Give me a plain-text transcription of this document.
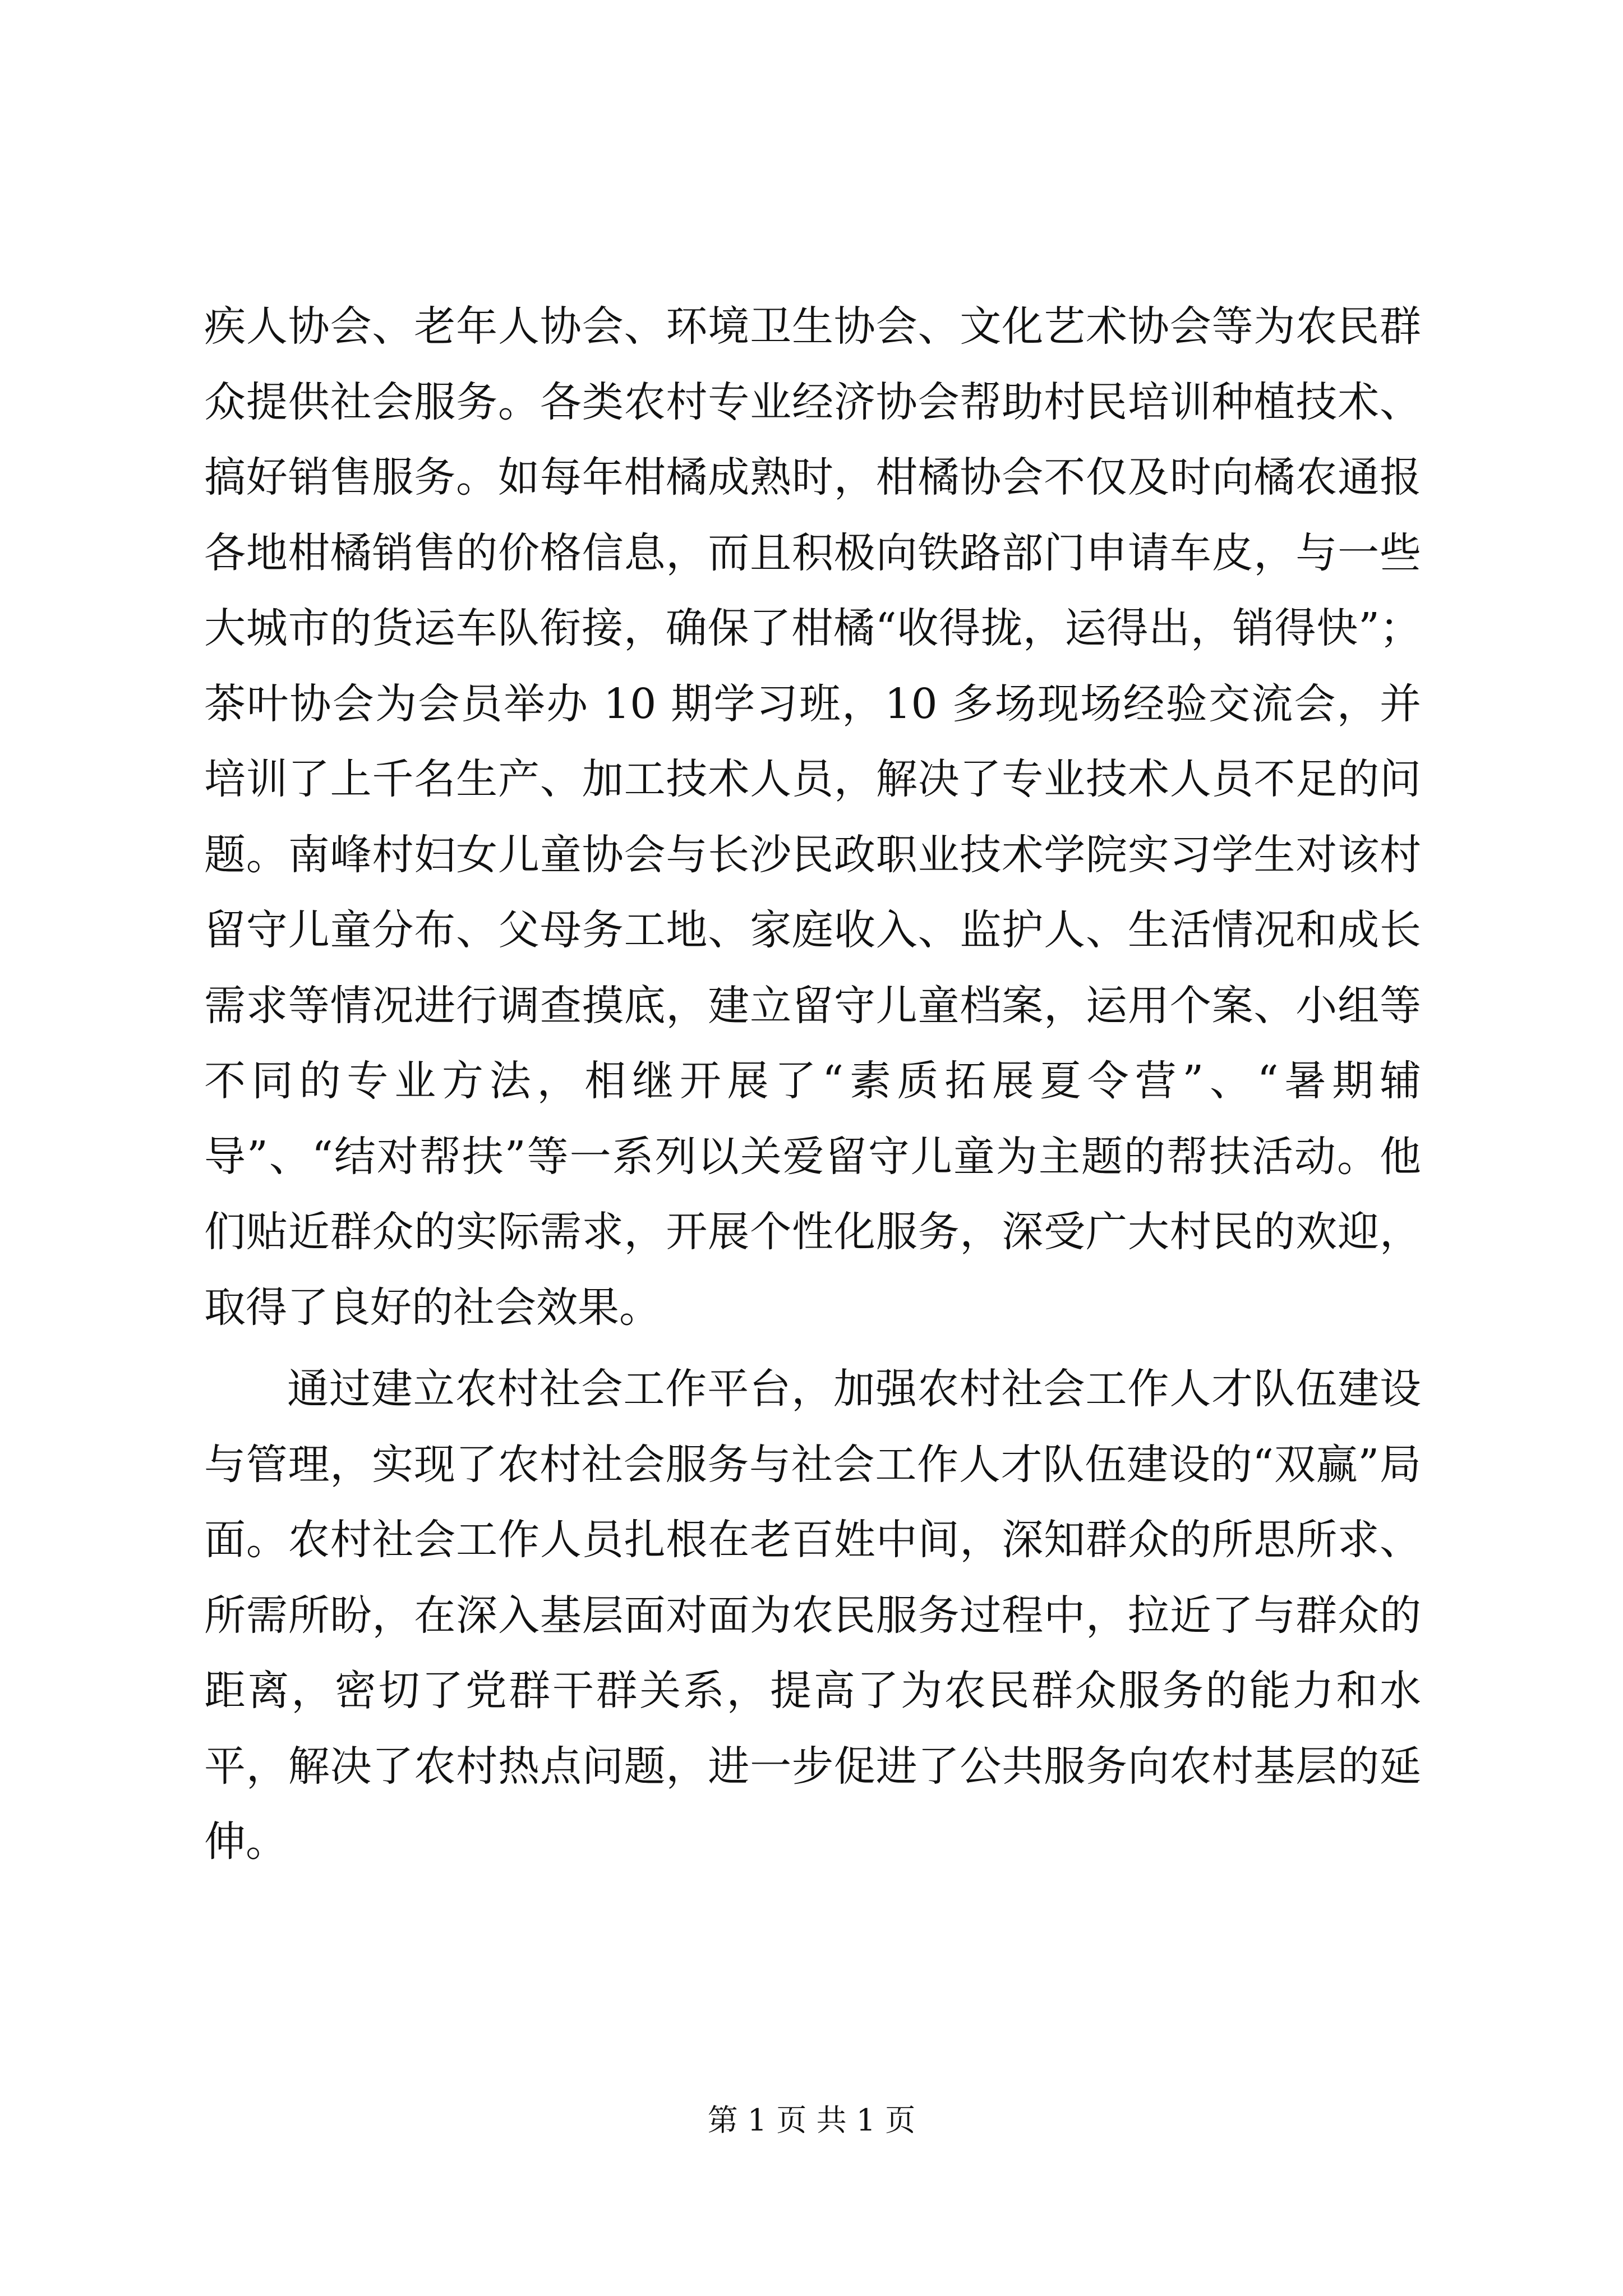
疾人协会、老年人协会、环境卫生协会、文化艺术协会等为农民群众提供社会服务。各类农村专业经济协会帮助村民培训种植技术、搞好销售服务。如每年柑橘成熟时，柑橘协会不仅及时向橘农通报各地柑橘销售的价格信息，而且积极向铁路部门申请车皮，与一些大城市的货运车队衔接，确保了柑橘“收得拢，运得出，销得快”；茶叶协会为会员举办 10 期学习班，10 多场现场经验交流会，并培训了上千名生产、加工技术人员，解决了专业技术人员不足的问题。南峰村妇女儿童协会与长沙民政职业技术学院实习学生对该村留守儿童分布、父母务工地、家庭收入、监护人、生活情况和成长需求等情况进行调查摸底，建立留守儿童档案，运用个案、小组等不同的专业方法，相继开展了“素质拓展夏令营”、“暑期辅导”、“结对帮扶”等一系列以关爱留守儿童为主题的帮扶活动。他们贴近群众的实际需求，开展个性化服务，深受广大村民的欢迎，取得了良好的社会效果。

通过建立农村社会工作平台，加强农村社会工作人才队伍建设与管理，实现了农村社会服务与社会工作人才队伍建设的“双赢”局面。农村社会工作人员扎根在老百姓中间，深知群众的所思所求、所需所盼，在深入基层面对面为农民服务过程中，拉近了与群众的距离，密切了党群干群关系，提高了为农民群众服务的能力和水平，解决了农村热点问题，进一步促进了公共服务向农村基层的延伸。

第 1 页 共 1 页
